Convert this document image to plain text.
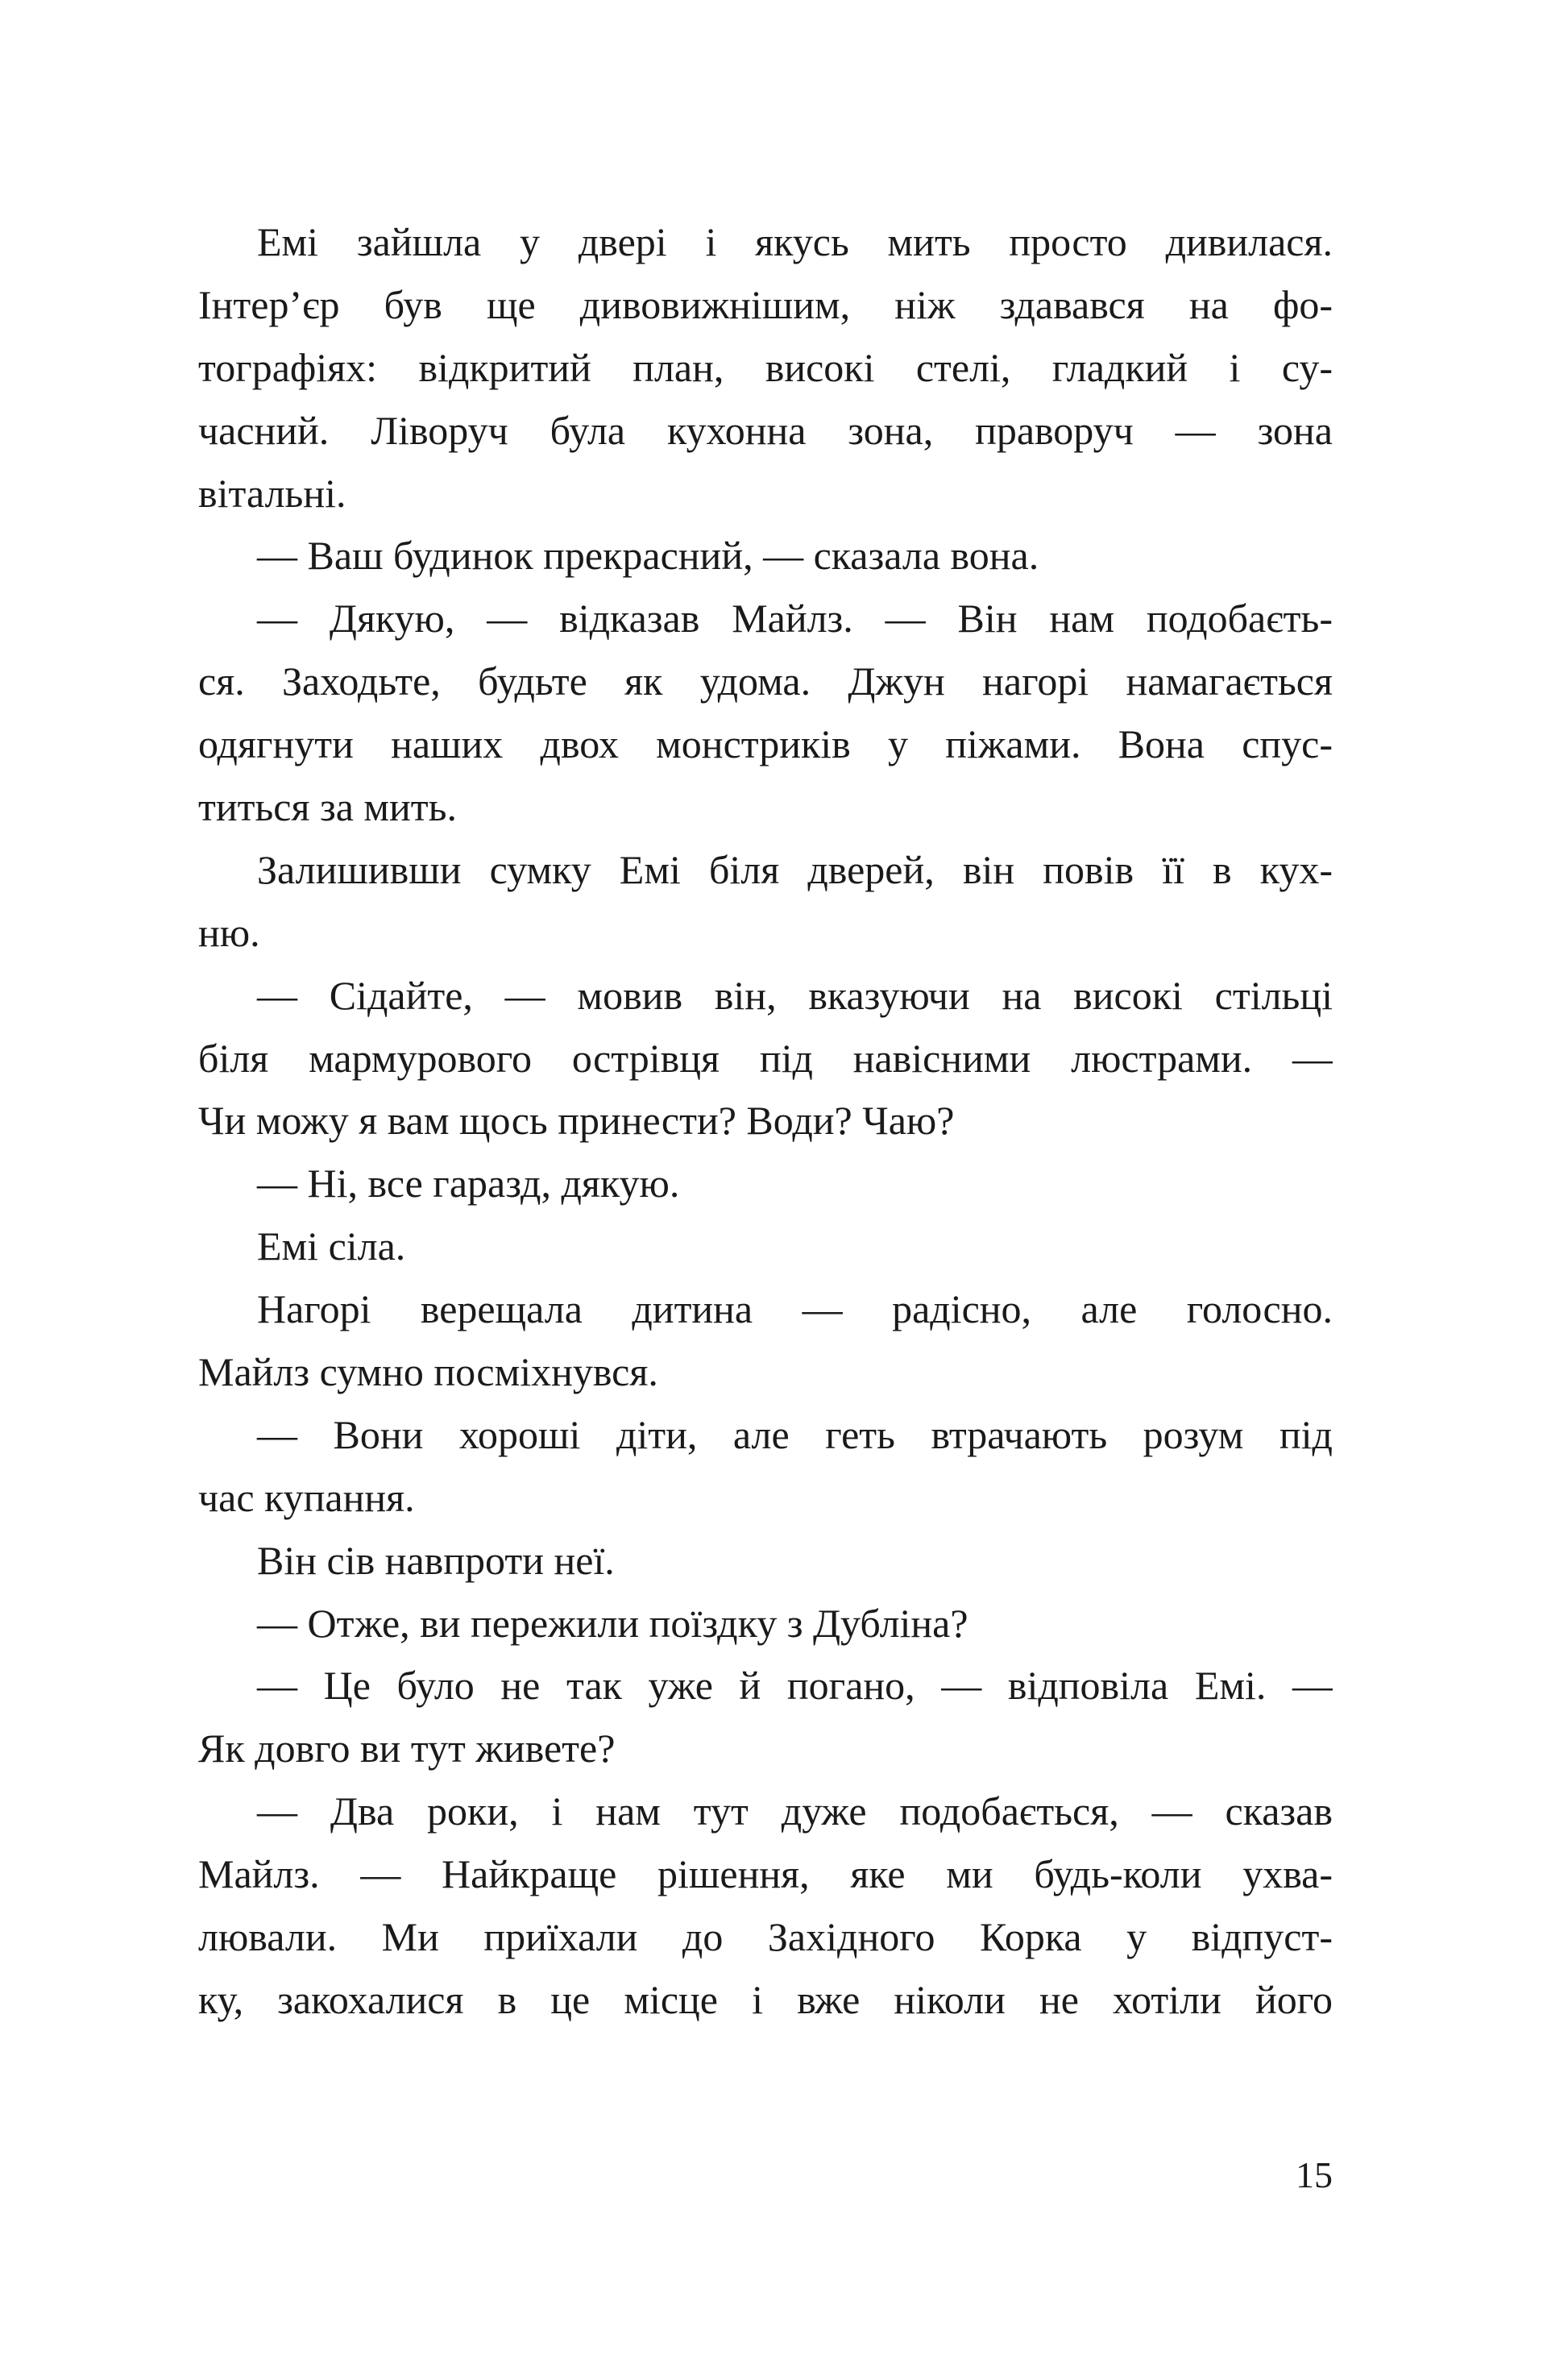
Емі зайшла у двері і якусь мить просто дивилася.
Інтер’єр був ще дивовижнішим, ніж здавався на фо-
тографіях: відкритий план, високі стелі, гладкий і су-
часний. Ліворуч була кухонна зона, праворуч — зона
вітальні.
— Ваш будинок прекрасний, — сказала вона.
— Дякую, — відказав Майлз. — Він нам подобаєть-
ся. Заходьте, будьте як удома. Джун нагорі намагається
одягнути наших двох монстриків у піжами. Вона спус-
титься за мить.
Залишивши сумку Емі біля дверей, він повів її в кух-
ню.
— Сідайте, — мовив він, вказуючи на високі стільці
біля мармурового острівця під навісними люстрами. —
Чи можу я вам щось принести? Води? Чаю?
— Ні, все гаразд, дякую.
Емі сіла.
Нагорі верещала дитина — радісно, але голосно.
Майлз сумно посміхнувся.
— Вони хороші діти, але геть втрачають розум під
час купання.
Він сів навпроти неї.
— Отже, ви пережили поїздку з Дубліна?
— Це було не так уже й погано, — відповіла Емі. —
Як довго ви тут живете?
— Два роки, і нам тут дуже подобається, — сказав
Майлз. — Найкраще рішення, яке ми будь-коли ухва-
лювали. Ми приїхали до Західного Корка у відпуст-
ку, закохалися в це місце і вже ніколи не хотіли його
15
